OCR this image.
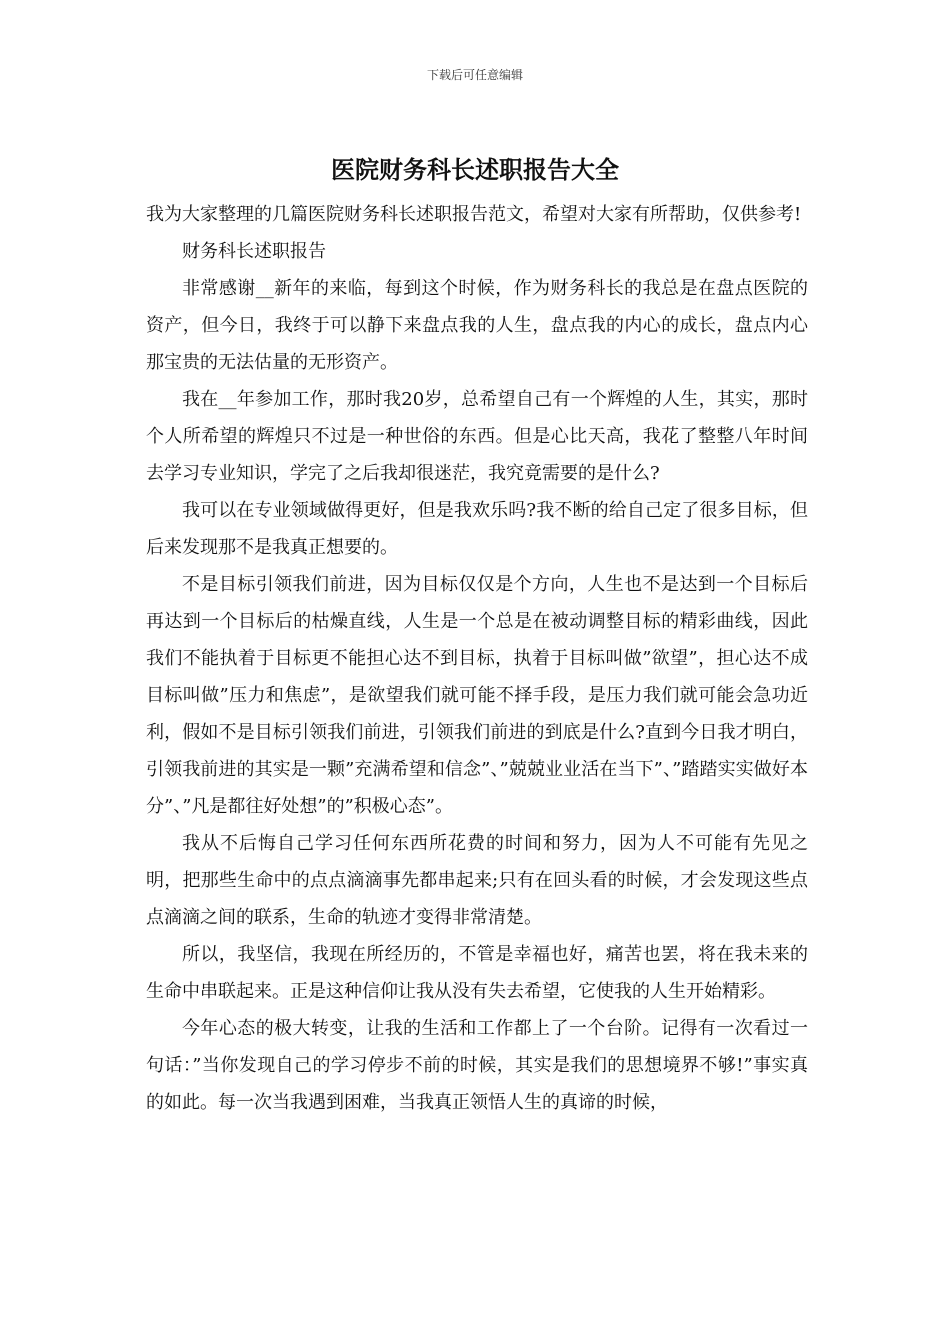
下载后可任意编辑
医院财务科长述职报告大全

我为大家整理的几篇医院财务科长述职报告范文，希望对大家有所帮助，仅供参考!

财务科长述职报告

非常感谢__新年的来临，每到这个时候，作为财务科长的我总是在盘点医院的资产，但今日，我终于可以静下来盘点我的人生，盘点我的内心的成长，盘点内心那宝贵的无法估量的无形资产。

我在__年参加工作，那时我20岁，总希望自己有一个辉煌的人生，其实，那时个人所希望的辉煌只不过是一种世俗的东西。但是心比天高，我花了整整八年时间去学习专业知识，学完了之后我却很迷茫，我究竟需要的是什么?

我可以在专业领域做得更好，但是我欢乐吗?我不断的给自己定了很多目标，但后来发现那不是我真正想要的。

不是目标引领我们前进，因为目标仅仅是个方向，人生也不是达到一个目标后再达到一个目标后的枯燥直线，人生是一个总是在被动调整目标的精彩曲线，因此我们不能执着于目标更不能担心达不到目标，执着于目标叫做”欲望”，担心达不成目标叫做”压力和焦虑”，是欲望我们就可能不择手段，是压力我们就可能会急功近利，假如不是目标引领我们前进，引领我们前进的到底是什么?直到今日我才明白，引领我前进的其实是一颗”充满希望和信念”、”兢兢业业活在当下”、”踏踏实实做好本分”、”凡是都往好处想”的”积极心态”。

我从不后悔自己学习任何东西所花费的时间和努力，因为人不可能有先见之明，把那些生命中的点点滴滴事先都串起来;只有在回头看的时候，才会发现这些点点滴滴之间的联系，生命的轨迹才变得非常清楚。

所以，我坚信，我现在所经历的，不管是幸福也好，痛苦也罢，将在我未来的生命中串联起来。正是这种信仰让我从没有失去希望，它使我的人生开始精彩。

今年心态的极大转变，让我的生活和工作都上了一个台阶。记得有一次看过一句话：”当你发现自己的学习停步不前的时候，其实是我们的思想境界不够!”事实真的如此。每一次当我遇到困难，当我真正领悟人生的真谛的时候，
